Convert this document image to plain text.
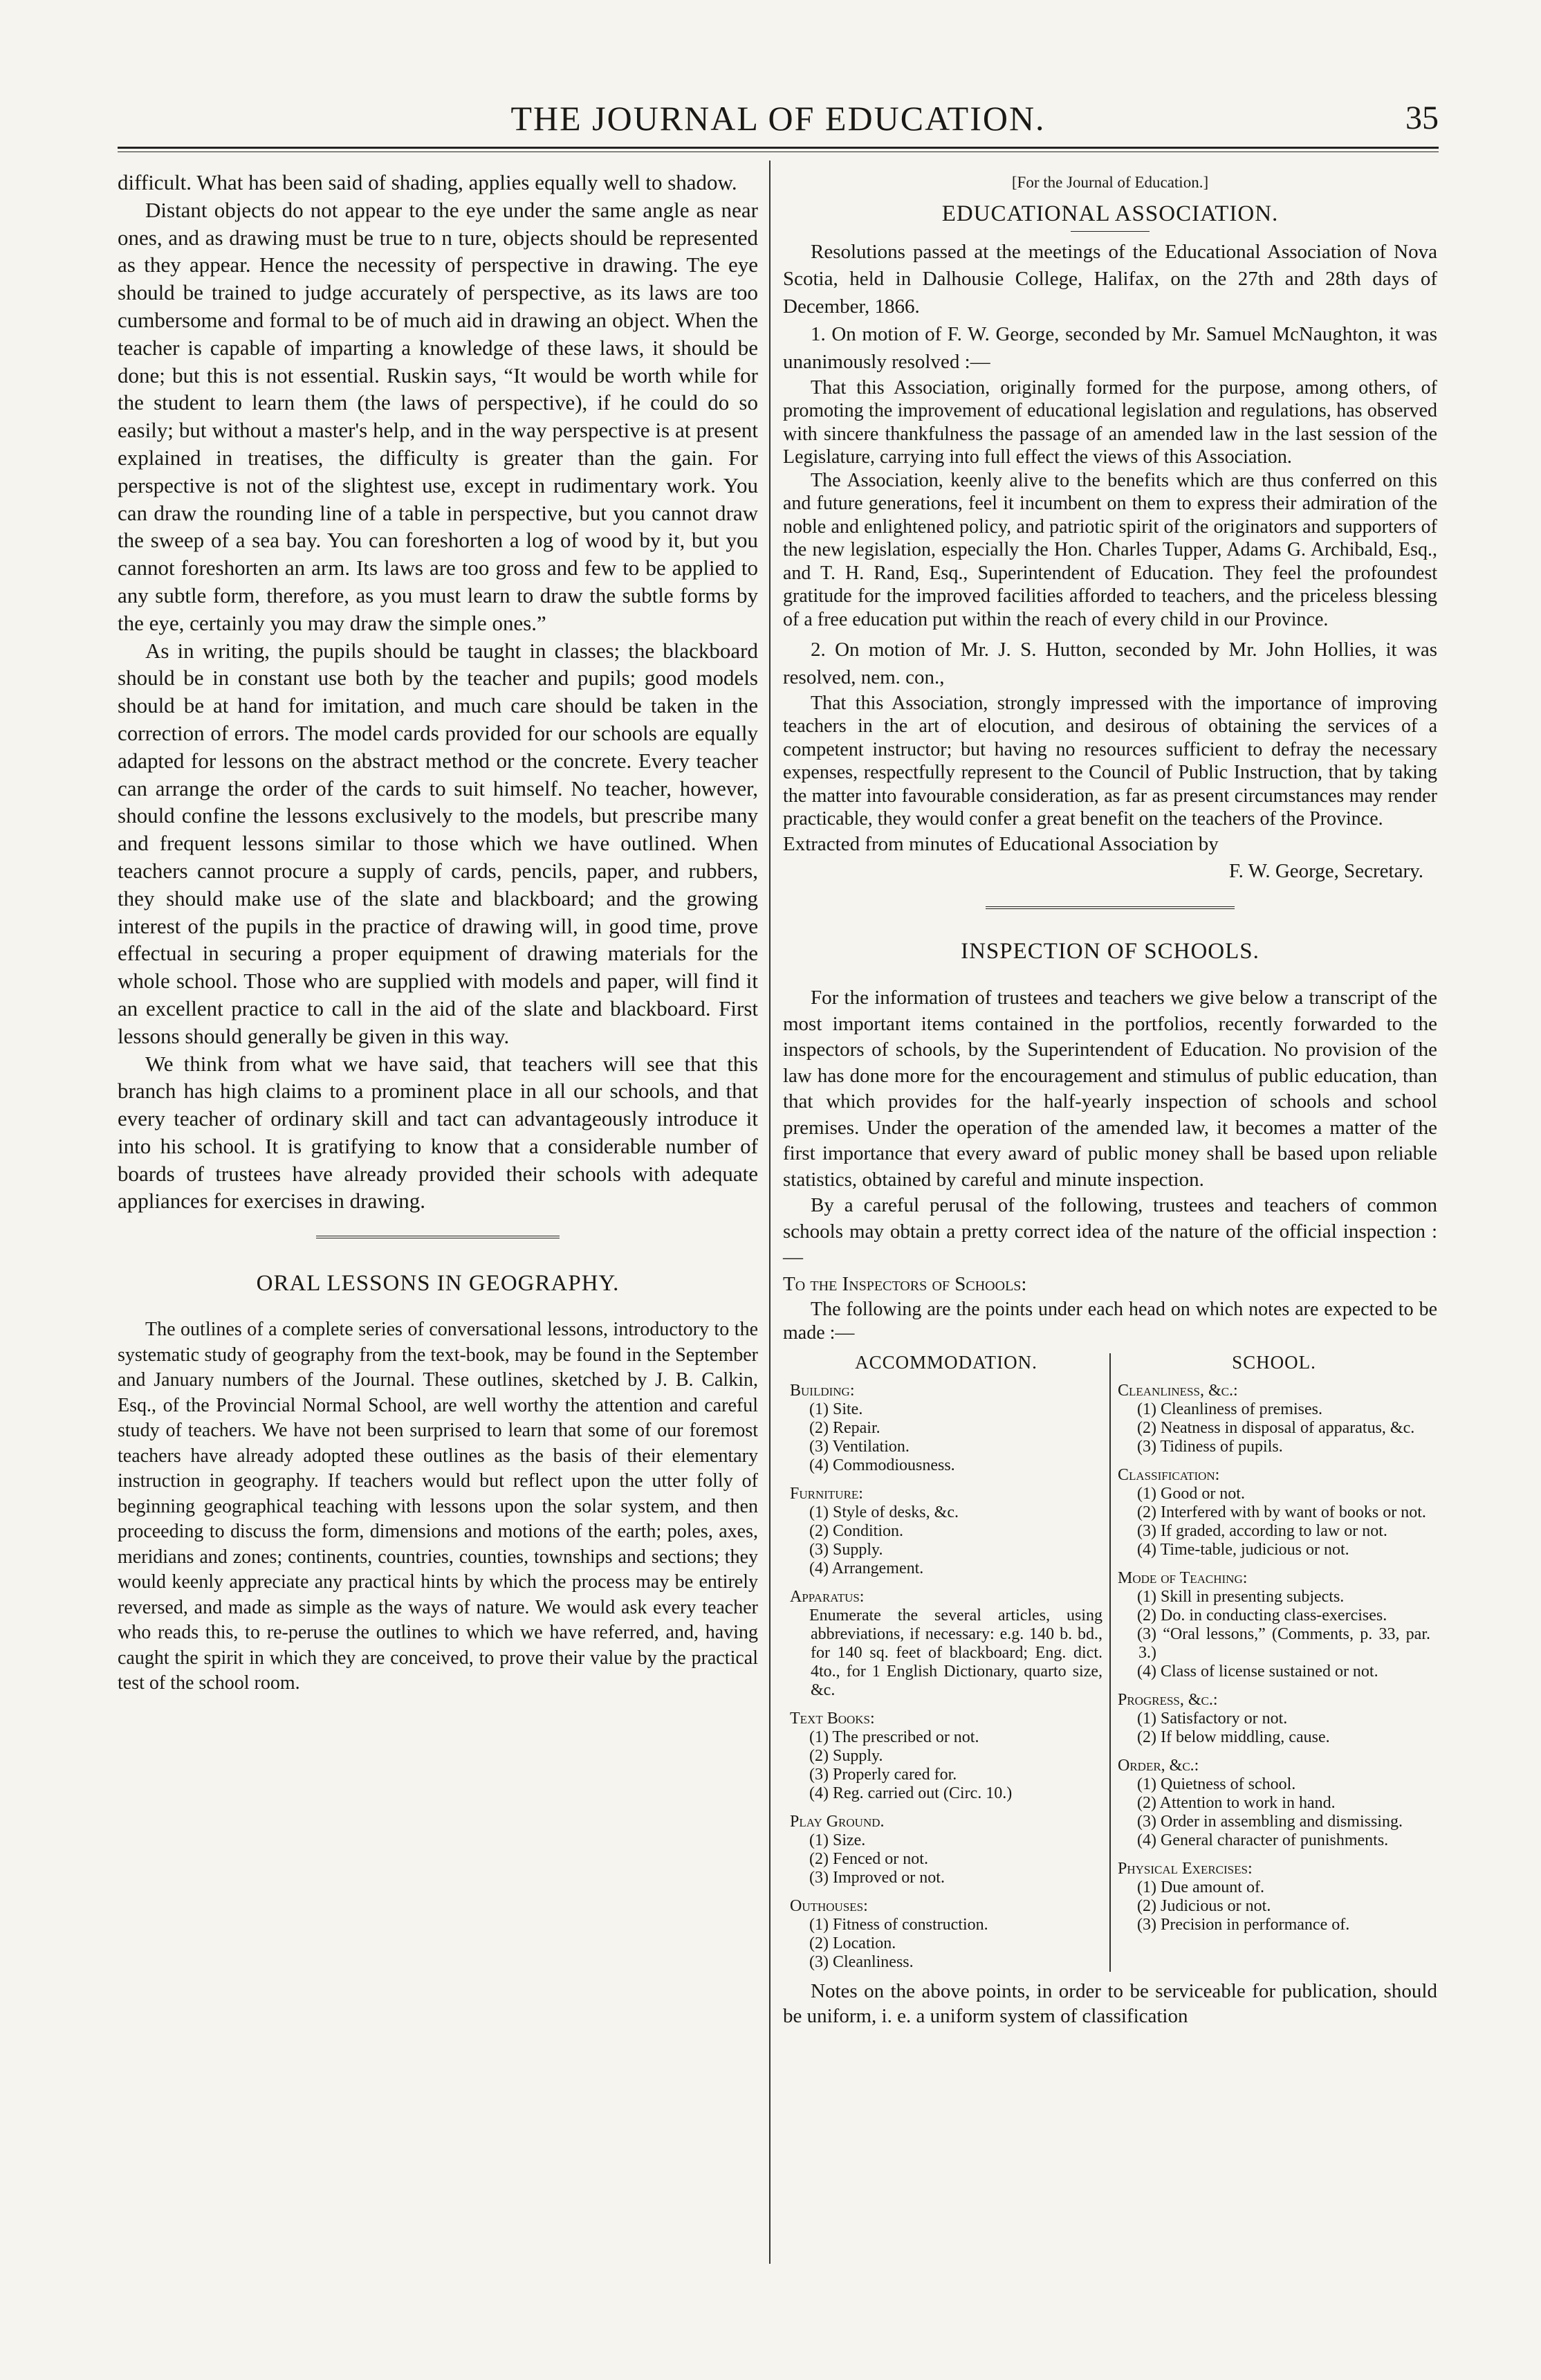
THE JOURNAL OF EDUCATION.	35

difficult. What has been said of shading, applies equally well to shadow.

Distant objects do not appear to the eye under the same angle as near ones, and as drawing must be true to n ture, objects should be represented as they appear. Hence the necessity of perspective in drawing. The eye should be trained to judge accurately of perspective, as its laws are too cumbersome and formal to be of much aid in drawing an object. When the teacher is capable of imparting a knowledge of these laws, it should be done; but this is not essential. Ruskin says, “It would be worth while for the student to learn them (the laws of perspective), if he could do so easily; but without a master's help, and in the way perspective is at present explained in treatises, the difficulty is greater than the gain. For perspective is not of the slightest use, except in rudimentary work. You can draw the rounding line of a table in perspective, but you cannot draw the sweep of a sea bay. You can foreshorten a log of wood by it, but you cannot foreshorten an arm. Its laws are too gross and few to be applied to any subtle form, therefore, as you must learn to draw the subtle forms by the eye, certainly you may draw the simple ones.”

As in writing, the pupils should be taught in classes; the blackboard should be in constant use both by the teacher and pupils; good models should be at hand for imitation, and much care should be taken in the correction of errors. The model cards provided for our schools are equally adapted for lessons on the abstract method or the concrete. Every teacher can arrange the order of the cards to suit himself. No teacher, however, should confine the lessons exclusively to the models, but prescribe many and frequent lessons similar to those which we have outlined. When teachers cannot procure a supply of cards, pencils, paper, and rubbers, they should make use of the slate and blackboard; and the growing interest of the pupils in the practice of drawing will, in good time, prove effectual in securing a proper equipment of drawing materials for the whole school. Those who are supplied with models and paper, will find it an excellent practice to call in the aid of the slate and blackboard. First lessons should generally be given in this way.

We think from what we have said, that teachers will see that this branch has high claims to a prominent place in all our schools, and that every teacher of ordinary skill and tact can advantageously introduce it into his school. It is gratifying to know that a considerable number of boards of trustees have already provided their schools with adequate appliances for exercises in drawing.

ORAL LESSONS IN GEOGRAPHY.

The outlines of a complete series of conversational lessons, introductory to the systematic study of geography from the text-book, may be found in the September and January numbers of the Journal. These outlines, sketched by J. B. Calkin, Esq., of the Provincial Normal School, are well worthy the attention and careful study of teachers. We have not been surprised to learn that some of our foremost teachers have already adopted these outlines as the basis of their elementary instruction in geography. If teachers would but reflect upon the utter folly of beginning geographical teaching with lessons upon the solar system, and then proceeding to discuss the form, dimensions and motions of the earth; poles, axes, meridians and zones; continents, countries, counties, townships and sections; they would keenly appreciate any practical hints by which the process may be entirely reversed, and made as simple as the ways of nature. We would ask every teacher who reads this, to re-peruse the outlines to which we have referred, and, having caught the spirit in which they are conceived, to prove their value by the practical test of the school room.

[For the Journal of Education.]
EDUCATIONAL ASSOCIATION.

Resolutions passed at the meetings of the Educational Association of Nova Scotia, held in Dalhousie College, Halifax, on the 27th and 28th days of December, 1866.

1. On motion of F. W. George, seconded by Mr. Samuel McNaughton, it was unanimously resolved :—

That this Association, originally formed for the purpose, among others, of promoting the improvement of educational legislation and regulations, has observed with sincere thankfulness the passage of an amended law in the last session of the Legislature, carrying into full effect the views of this Association.

The Association, keenly alive to the benefits which are thus conferred on this and future generations, feel it incumbent on them to express their admiration of the noble and enlightened policy, and patriotic spirit of the originators and supporters of the new legislation, especially the Hon. Charles Tupper, Adams G. Archibald, Esq., and T. H. Rand, Esq., Superintendent of Education. They feel the profoundest gratitude for the improved facilities afforded to teachers, and the priceless blessing of a free education put within the reach of every child in our Province.

2. On motion of Mr. J. S. Hutton, seconded by Mr. John Hollies, it was resolved, nem. con.,

That this Association, strongly impressed with the importance of improving teachers in the art of elocution, and desirous of obtaining the services of a competent instructor; but having no resources sufficient to defray the necessary expenses, respectfully represent to the Council of Public Instruction, that by taking the matter into favourable consideration, as far as present circumstances may render practicable, they would confer a great benefit on the teachers of the Province.

Extracted from minutes of Educational Association by

F. W. George, Secretary.
INSPECTION OF SCHOOLS.

For the information of trustees and teachers we give below a transcript of the most important items contained in the portfolios, recently forwarded to the inspectors of schools, by the Superintendent of Education. No provision of the law has done more for the encouragement and stimulus of public education, than that which provides for the half-yearly inspection of schools and school premises. Under the operation of the amended law, it becomes a matter of the first importance that every award of public money shall be based upon reliable statistics, obtained by careful and minute inspection.

By a careful perusal of the following, trustees and teachers of common schools may obtain a pretty correct idea of the nature of the official inspection :—

To the Inspectors of Schools:

The following are the points under each head on which notes are expected to be made :—

ACCOMMODATION.
Building:
(1) Site.
(2) Repair.
(3) Ventilation.
(4) Commodiousness.
Furniture:
(1) Style of desks, &c.
(2) Condition.
(3) Supply.
(4) Arrangement.
Apparatus:
Enumerate the several articles, using abbreviations, if necessary: e.g. 140 b. bd., for 140 sq. feet of blackboard; Eng. dict. 4to., for 1 English Dictionary, quarto size, &c.
Text Books:
(1) The prescribed or not.
(2) Supply.
(3) Properly cared for.
(4) Reg. carried out (Circ. 10.)
Play Ground.
(1) Size.
(2) Fenced or not.
(3) Improved or not.
Outhouses:
(1) Fitness of construction.
(2) Location.
(3) Cleanliness.
SCHOOL.
Cleanliness, &c.:
(1) Cleanliness of premises.
(2) Neatness in disposal of apparatus, &c.
(3) Tidiness of pupils.
Classification:
(1) Good or not.
(2) Interfered with by want of books or not.
(3) If graded, according to law or not.
(4) Time-table, judicious or not.
Mode of Teaching:
(1) Skill in presenting subjects.
(2) Do. in conducting class-exercises.
(3) “Oral lessons,” (Comments, p. 33, par. 3.)
(4) Class of license sustained or not.
Progress, &c.:
(1) Satisfactory or not.
(2) If below middling, cause.
Order, &c.:
(1) Quietness of school.
(2) Attention to work in hand.
(3) Order in assembling and dismissing.
(4) General character of punishments.
Physical Exercises:
(1) Due amount of.
(2) Judicious or not.
(3) Precision in performance of.

Notes on the above points, in order to be serviceable for publication, should be uniform, i. e. a uniform system of classification
